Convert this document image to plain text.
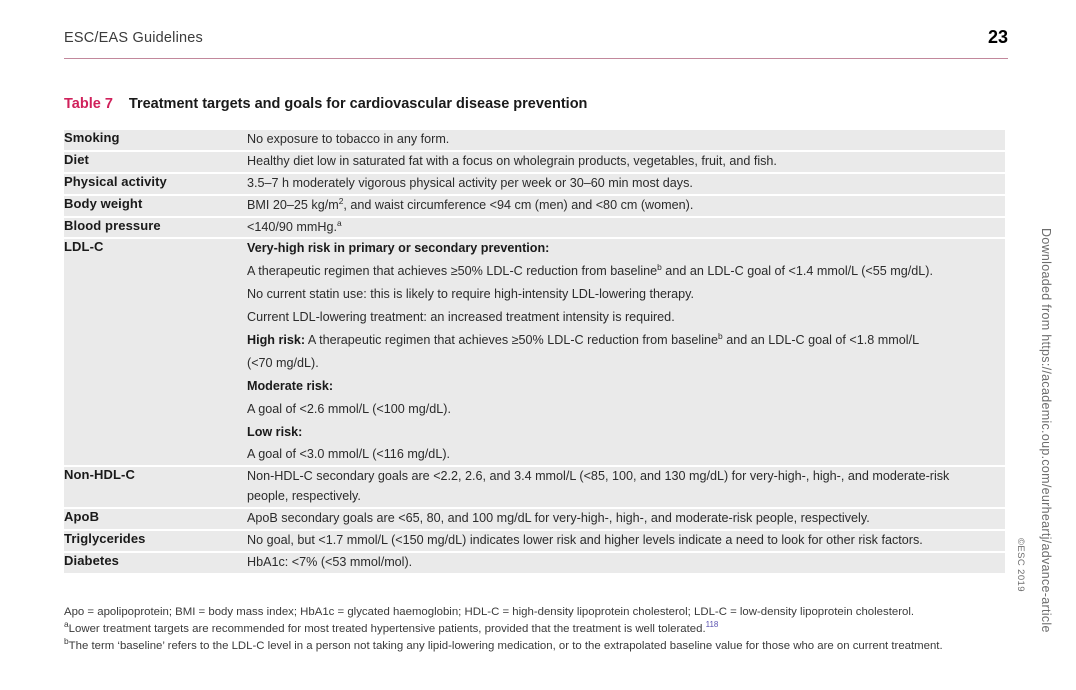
ESC/EAS Guidelines	23
Table 7 Treatment targets and goals for cardiovascular disease prevention
Smoking	No exposure to tobacco in any form.

Diet	Healthy diet low in saturated fat with a focus on wholegrain products, vegetables, fruit, and fish.

Physical activity	3.5–7 h moderately vigorous physical activity per week or 30–60 min most days.

Body weight	BMI 20–25 $kg/m^2$, and waist circumference <94 cm (men) and <80 cm (women).

Blood pressure	<140/90 mmHg.$^a$

LDL-C	Very-high risk in primary or secondary prevention:

A therapeutic regimen that achieves ≥50% LDL-C reduction from baseline$^b$ and an LDL-C goal of <1.4 mmol/L (<55 mg/dL).

No current statin use: this is likely to require high-intensity LDL-lowering therapy.

Current LDL-lowering treatment: an increased treatment intensity is required.

High risk: A therapeutic regimen that achieves ≥50% LDL-C reduction from baseline$^b$ and an LDL-C goal of <1.8 mmol/L

(<70 mg/dL).

Moderate risk:

A goal of <2.6 mmol/L (<100 mg/dL).

Low risk:

A goal of <3.0 mmol/L (<116 mg/dL).

Non-HDL-C	Non-HDL-C secondary goals are <2.2, 2.6, and 3.4 mmol/L (<85, 100, and 130 mg/dL) for very-high-, high-, and moderate-risk

people, respectively.

ApoB	ApoB secondary goals are <65, 80, and 100 mg/dL for very-high-, high-, and moderate-risk people, respectively.

Triglycerides	No goal, but <1.7 mmol/L (<150 mg/dL) indicates lower risk and higher levels indicate a need to look for other risk factors.

Diabetes	HbA1c: <7% (<53 mmol/mol).

Apo = apolipoprotein; BMI = body mass index; HbA1c = glycated haemoglobin; HDL-C = high-density lipoprotein cholesterol; LDL-C = low-density lipoprotein cholesterol.

$^a$Lower treatment targets are recommended for most treated hypertensive patients, provided that the treatment is well tolerated.$^{118}$

$^b$The term ‘baseline’ refers to the LDL-C level in a person not taking any lipid-lowering medication, or to the extrapolated baseline value for those who are on current treatment.

Downloaded from https://academic.oup.com/eurheartj/advance-article
©ESC 2019
